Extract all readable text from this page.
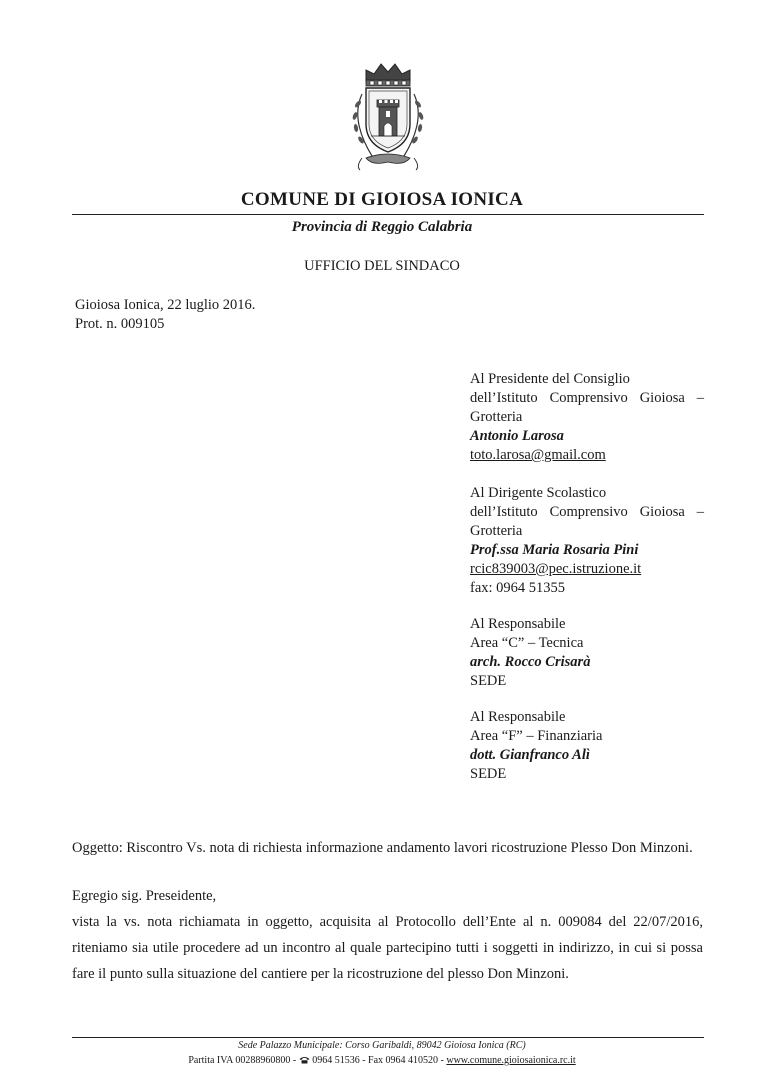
COMUNE DI GIOIOSA IONICA
Provincia di Reggio Calabria
UFFICIO DEL SINDACO
Gioiosa Ionica, 22 luglio 2016.
Prot. n. 009105
Al Presidente del Consiglio
dell’Istituto Comprensivo Gioiosa –
Grotteria
Antonio Larosa
toto.larosa@gmail.com
Al Dirigente Scolastico
dell’Istituto Comprensivo Gioiosa –
Grotteria
Prof.ssa Maria Rosaria Pini
rcic839003@pec.istruzione.it
fax: 0964 51355
Al Responsabile
Area “C” – Tecnica
arch. Rocco Crisarà
SEDE
Al Responsabile
Area “F” – Finanziaria
dott. Gianfranco Alì
SEDE
Oggetto: Riscontro Vs. nota di richiesta informazione andamento lavori ricostruzione Plesso Don Minzoni.
Egregio sig. Preseidente,
vista la vs. nota richiamata in oggetto, acquisita al Protocollo dell’Ente al n. 009084 del 22/07/2016, riteniamo sia utile procedere ad un incontro al quale partecipino tutti i soggetti in indirizzo, in cui si possa fare il punto sulla situazione del cantiere per la ricostruzione del plesso Don Minzoni.
Sede Palazzo Municipale: Corso Garibaldi, 89042 Gioiosa Ionica (RC)
Partita IVA 00288960800 -  0964 51536 - Fax 0964 410520 - www.comune.gioiosaionica.rc.it
